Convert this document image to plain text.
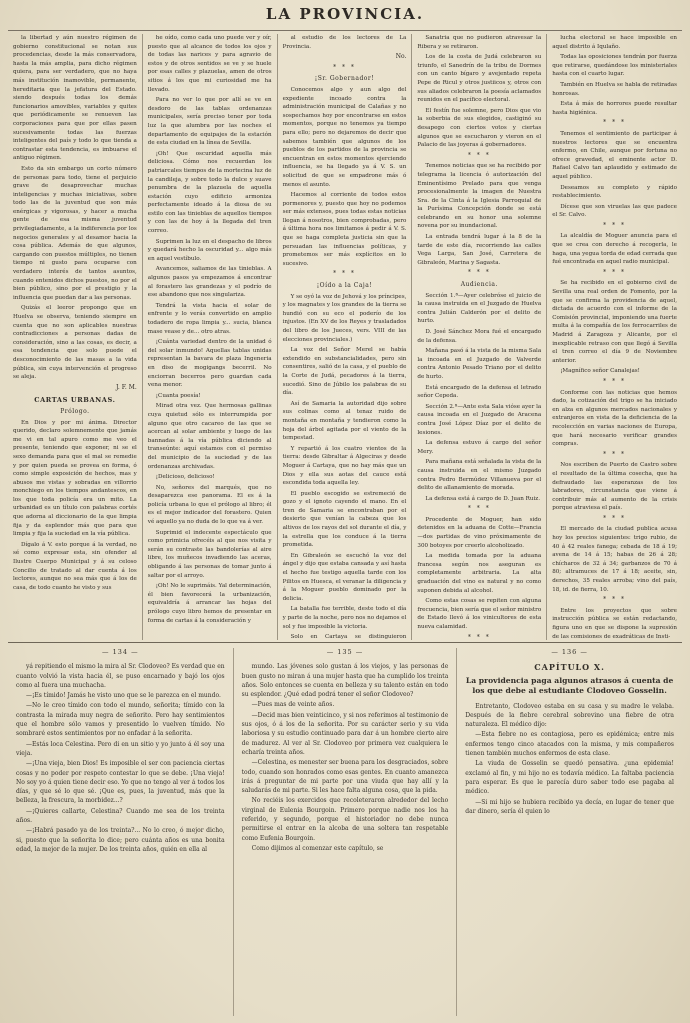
LA PROVINCIA.

la libertad y aún nuestro régimen de gobierno constitucional se notan sus procedencias, desde la más conservadora, hasta la más amplia, para dicho régimen quiera, para ser verdadero, que no haya más institución inamovible, permanente, hereditaria que la jefatura del Estado. siendo después todas los demás funcionarios amovibles, variables y quites que periódicamente se renueven las corporaciones para que por ellas pasen sucesivamente todas las fuerzas inteligentes del país y todo lo que tienda a contrastar esta tendencia, es imbuarse el antiguo régimen.

Esto da sin embargo un corto número de personas para todo, tiene el perjuicio grave de desaprovechar muchas inteligencias y muchas iniciativas, sobre todo las de la juventud que son más enérgicas y vigorosas, y hacer a mucha gente de esa misma juventud privilegiadamente, a la indiferencia por los negocios generales y al desamor hacia la cosa pública. Además de que algunos, cargando con puestos múltiples, no tienen tiempo ni gusto para ocuparse con verdadero interés de tantos asuntos, cuando entenidos dichos puestos, no por el bien público, sino por el prestigio y la influencia que puedan dar a las personas.

Quizás el leeror propongo que en Huelva se observa, teniendo siempre en cuenta que no son aplicables nuestras contradicciones a personas dadas de consideración, sino a las cosas, es decir, a esa tendencia que solo puede el desconocimiento de las masas a la vida pública, sin cuya intervención el progreso se aleja.

J. F. M.
CARTAS URBANAS.
Prólogo.

En Dios y por mi ánima. Director querido, declaro solemnemente que jamás me vi en tal apuro como me veo el presente, teniendo que exponer, ni se el sexo demanda para que el mal se remedie y por quien pueda se provea en forma, ó como simple exposición de hechos, mas y abusos me vistas y sobradas en villorrio monchiego en los tiempos andantescos, en los que toda policía era un mito. La urbanidad es un título con palabras cortés que adorna al diccionario de la que limpia fija y da esplendor más que para que limpia y fija la suciedad en la vía pública.

Dígalo á V. esto porque á la verdad, no sé como expresar esta, sin ofender al Ilustre Cuerpo Municipal y á su celoso Concilio de tratado al dar cuenta á los lectores, aunque no sea más que á los de casa, de todo cuanto he visto y sus

he oído, como cada uno puede ver y oír, puesto que al alcance de todos los ojos y de todas las narices y para agravio de estos y de otros sentidos se ve y se huele por esas calles y plazuelas, amen de otros sitios á los que mi curiosidad me ha llevado.

Para no ver lo que por allí se ve en desdoro de las tablas ordenanzas municipales, sería preciso tener por toda luz la que alumbra por las noches el departamento de equipajes de la estación de esta ciudad en la línea de Sevilla.

¡Oh! Que oscuridad aquella más deliciosa. Cómo nos recuerdan los patriarcales tiempos de la mortecina luz de la candileja, y sobre todo la dulce y suave penumbra de la plazuela de aquella estación cuyo edificio armoniza perfectamente ideado á la diosa de su estilo con las tinieblas de aquellos tiempos y con las de hoy á la llegada del tren correo.

Suprimen la luz en el despacho de libros y quedará hecho la oscuridad y... algo más en aquel vestíbulo.

Avancemos, saliamos de las tinieblas. A algunos pasos ya empezamos á encontrar al forastero las grandezas y el podrío de ese abandono que nos singulariza.

Tendrá la vista hacia el solar de enfrente y lo verás convertido en amplio todadero de ropa limpia y... sucia, blanca mase vease y de... otro atras.

¡Cuánta variedad dentro de la unidad ó del solar inmundo! Aquellas tablas unidas representan la bavara de plaza Ingeneria en diso de mogigangs becerril. No enciorran becerros pero guardan cada vena menor.

¡Cuanta poesía!

Mirad otra vez. Que hermosas gallinas cuya quietud sólo es interrumpida por alguno que otro cacareo de las que se acercan al solar ambiente y luego de las bannadas á la vía pública diciendo al transeúnte: aquí estamos con el permiso del municipio de la suciedad y de las ordenanzas archivadas.

¡Delicioso, delicioso!

No, señores del marqués, que no desaparezca ese panorama. El es á la policía urbana lo que el prólogo al libro; él es el mejor indicador del forastero. Quien vé aquello ya no duda de lo que va á ver.

Suprimid el indecente espectáculo que como primicia ofrecéis al que nos visita y serán su contraste las bandolerías al aire libre, los muñecos invadiendo las aceras, obligando á las personas de tomar junto á saltar por el arroyo.

¡Oh! No le suprimáis. Yal determinación, él bien favorecerá la urbanización, equivaldría á arrancar las hojas del prólogo cuyo libro hemos de presentar en forma de cartas á la consideración y

al estudio de los lectores de La Provincia.

No.
* * *
¡Sr. Gobernador!

Conocemos algo y aun algo del expediente incoado contra la administración municipal de Calañas y no sospechamos hoy por encontrarse en estos momentos, porque no tenemos ya tiempo para ello; pero no dejaremos de decir que sabemos también que algunos de los pueblos de los partidos de la provincia se encuentran en estos momentos ejerciendo influencia, se ha llegado ya á V. S. un solicitud de que se empadrone más ó menos el asunto.

Hacemos al corriente de todos estos pormenores y, puesto que hoy no podemos ser más extensos, pues todas estas noticias llegan á nosotros, bien comprobadas, pero á última hora nos limitamos á pedir á V. S. que se haga completa justicia sin que la persuadan las influencias políticas, y prometemos ser más explícitos en lo sucesivo.

* * *
¡Oído a la Caja!

Y se oyó la voz de Jehová y los príncipes, y los magnates y los grandes de la tierra se hundió con su eco el poderío de los injustos. (En XV de los Reyes y trasladados del libro de los Jueces, vers. VIII de las elecciones provinciales.)

La voz del Señor Merel se había extendido en substancialidades, pero sin consentires, salió de la casa, y el pueblo de la Corte de Judá, pecadores á la tierra, sucedió. Sino de Júbilo los palabras de su día.

Así de Samaria la autoridad dijo sobre sus colinas como al tenaz ruido de montaña en montaña y tendieron como la hoja del árbol agitada por el viento de la tempestad.

Y repartió á los cuatro vientos de la tierra: desde Gibraltar á Algeciras y desde Moguer á Cartaya, que no hay más que un Dios y ella sus aotas del cauce está escondida toda aquella ley.

El pueblo escogido se estremeció de gozo y el ignoto cayendo el mano. En el tren de Samaria se encontraban por el desierto que venían la cabeza que los altivos de los rayos del sol durante el día, y la estrella que los conduce á la tierra prometida.

En Gibraleón se escuchó la voz del ángel y dijo que estaba cansada y así hasta el hecho fue testigo aquella tarde con los Pilitos en Huesca, el veranar la diligencia y á la Moguer pueblo dominado por la delicia.

La batalla fue terrible, deste todo el día y parte de la noche, pero nos no dejamos el sol y fue imposible la victoria.

Solo en Cartaya se distinguieron

Sanatria que no pudieron atravesar la Ribera y se retiraron.

Los de la costa de Judá celebraron su triunfo, el Sanedrín de la tribu de Dormes con un canto bígaro y avejentado repeta Pepe de Ricul y otros justiicos y, otros con sus aliados celebraron la poesía aclamados reunidos en el pacífico electoral.

El festín fue solemne, pero Dios que vio la soberbia de sus elegidos, castiginó su desapego con ciertos votos y ciertas algunos que se escucharon y vieron en el Palacio de las joyeras á gobernadores.

* * *

Tenemos noticias que se ha recibido por telegrama la licencia ó autorización del Eminentísimo Prelado para que venga procesionalmente la imagen de Nuestra Sra. de la Cinta á la Iglesia Parroquial de la Purísima Concepción donde se está celebrando en su honor una solemne novena por su inundacional.

La entrada tendrá lugar á la 8 de la tarde de este día, recorriendo las calles Vega Larga, San José, Carretera de Gibraleón, Marina y Sagasta.

* * *
Audiencia.

Sección 1.ª—Ayer celebróse el juicio de la causa instruida en el Juzgado de Huelva contra Julián Calderón por el delito de hurto.

D. José Sánchez Mora fué el encargado de la defensa.

Mañana pasó á la vista de la misma Sala la incoada en el Juzgado de Valverde contra Antonio Pesado Triano por el delito de hurto.

Está encargado de la defensa el letrado señor Cepeda.

Sección 2.ª—Ante esta Sala vióse ayer la causa incoada en el Juzgado de Aracena contra José López Díaz por el delito de lesiones.

La defensa estuvo á cargo del señor Mery.

Para mañana está señalada la vista de la causa instruida en el mismo Juzgado contra Pedro Bermúdez Villanueva por el delito de allanamiento de morada.

La defensa está á cargo de D. Juan Ruiz.

* * *

Procedente de Moguer, han sido detenidos en la aduana de Cotte—Francia—dos partidas de vino próximamente de 300 botoyes por creerlo alcoholizado.

La medida tomada por la aduana francesa según nos aseguran es completamente arbitraria. La alta graduación del vino es natural y no como suponen debida al alcohol.

Como estas cosas se repiten con alguna frecuencia, bien sería que el señor ministro de Estado llevó á los vinicultores de esta nueva calamidad.

* * *

lucha electoral se hace imposible en aquel distrito á Iqulaño.

Todas las oposiciones tendrán por fuerza que retirarse, quedándose los ministeriales hasta con el cuarto lugar.

También en Huelva se habla de retiradas honrosas.

Esta á más de horrores puede resultar hasta higiénica.

* * *

Tenemos el sentimiento de participar á nuestros lectores que se encuentra enfermo, en Chile, aunque por fortuna no ofrece gravedad, el eminente actor D. Rafael Calvo tan aplaudido y estimado de aquel público.

Deseamos su completo y rápido restablecimiento.

Dícese que son viruelas las que padece el Sr. Calvo.

* * *

La alcaldía de Moguer anuncia para el que se crea con derecho á recogerla, le haga, una yegua torda de edad cerrada que fué encontrada en aquel radio municipal.

* * *

Se ha recibido en el gobierno civil de Sevilla una real orden de Fomento, por la que se confirma la providencia de aquel, dictada de acuerdo con el informe de la Comisión provincial, imponiendo una fuerte multa á la compañía de los ferrocarriles de Madrid á Zaragoza y Alicante, por el inexplicable retraso con que llegó á Sevilla el tren correo el día 9 de Noviembre anterior.

¡Magnífico señor Canalejas!

* * *

Conforme con las noticias que hemos dado, la cotización del trigo se ha iniciado en alza en algunos mercados nacionales y extranjeros en vista de la deficiencia de la recolección en varias naciones de Europa, que hará necesario verificar grandes compras.

* * *

Nos escriben de Puerto de Castro sobre el resultado de la última cosecha, que ha defraudado las esperanzas de los labradores, circunstancia que viene á contribuir más al aumento de la crisis porque atraviesa el país.

* * *

El mercado de la ciudad publica acusa hoy los precios siguientes: trigo rubio, de 40 á 42 reales fanega; cebada de 18 á 19; avena de 14 á 15; habas de 26 á 28; chícharos de 32 á 34; garbanzos de 70 á 80; altramuces de 17 á 18; aceite, sin, derechos, 35 reales arroba; vino del país, 18, id. de fierra, 10.

* * *

Entre los proyectos que sobre instrucción pública se están redactando, figura uno en que se dispone la supresión de las comisiones de exadráticas de Insti-

— 134 —

yá repitiendo el mismo la mira al Sr. Clodoveo? Es verdad que en cuanto volvió la vista hacia él, se puso encarnado y bajó los ojos como al fuera una muchacha.

—¡Es tímido! Jamás he visto uno que se le parezca en el mundo.

—No le creo tímido con todo el mundo, señorita; tímido con la contrasta la mirada muy negra de señorito. Pero hay sentimientos que el hombre sólo vamos y presentido lo vuelven tímido. No sombraré estos sentimientos por no enfadar á la señorita.

—Estás loca Celestina. Pero di en un sitio y yo junto á él soy una vieja.

—¡Una vieja, bien Dios! Es imposible el ser con paciencia ciertas cosas y no poder por respeto contestar lo que se debe. ¡Una vieja! No soy yo á quien tiene decir eso. Yo que no tengo al ver á todos los días, y que sé lo que sé. ¡Que es, pues, la juventud, más que la belleza, la frescura, la morbidez...?

—¡Quieres callarte, Celestina? Cuando me sea de los treinta años.

—¡Habrá pasado ya de los treinta?... No lo creo, ó mejor dicho, si, puesto que la señorita lo dice; pero cuánta años es una bonita edad, la mejor de la mujer. De los treinta años, quién en ella al

— 135 —

mundo. Las jóvenes solo gustan á los viejos, y las personas de buen gusto no miran á una mujer hasta que ha cumplido los treinta años. Solo entonces se cuenta en belleza y su talento están en todo su esplendor. ¿Qué edad podrá tener el señor Clodoveo?

—Pues mas de veinte años.

—Decid mas bien veinticinco, y si nos referimos al testimonio de sus ojos, ó á los de la señorita. Por su carácter serio y su vida laboriosa y su estudio continuado para dar á un hombre cierto aire de madurez. Al ver al Sr. Clodoveo por primera vez cualquiera le echaría treinta años.

—Celestina, es menester ser buena para los desgraciados, sobre todo, cuando son honrados como esas gentes. En cuanto amanezca irás á preguntar de mi parte por una viuda que hay allí y la saludarás de mi parte. Si les hace falta alguna cosa, que la pida.

No reciéis los exercidos que recoleteraron alrededor del lecho virginal de Eulenia Bourgoin. Primero porque nadie nos los ha referido, y segundo, porque el historiador no debe nunca permitirse el entrar en la alcoba de una soltera tan respetable como Eufenia Bourgoin.

Como dijimos al comenzar este capítulo, se

— 136 —
CAPÍTULO X.
La providencia paga algunos atrasos á cuenta de los que debe al estudiante Clodoveo Gosselin.

Entretanto, Clodoveo estaba en su casa y su madre le velaba. Después de la fiebre cerebral sobrevino una fiebre de otra naturaleza. El médico dijo:

—Esta fiebre no es contagiosa, pero es epidémica; entre mis enfermos tengo cinco atacados con la misma, y mis compañeros tienen también muchos enfermos de esta clase.

La viuda de Gosselin se quedó pensativa. ¿una epidemia! exclamó al fin, y mi hijo no es todavía médico. La faltaba paciencia para esperar. Es que le parecía duro saber todo ese pagaba al médico.

—Si mi hijo se hubiera recibido ya decía, en lugar de tener que dar dinero, sería él quien lo
